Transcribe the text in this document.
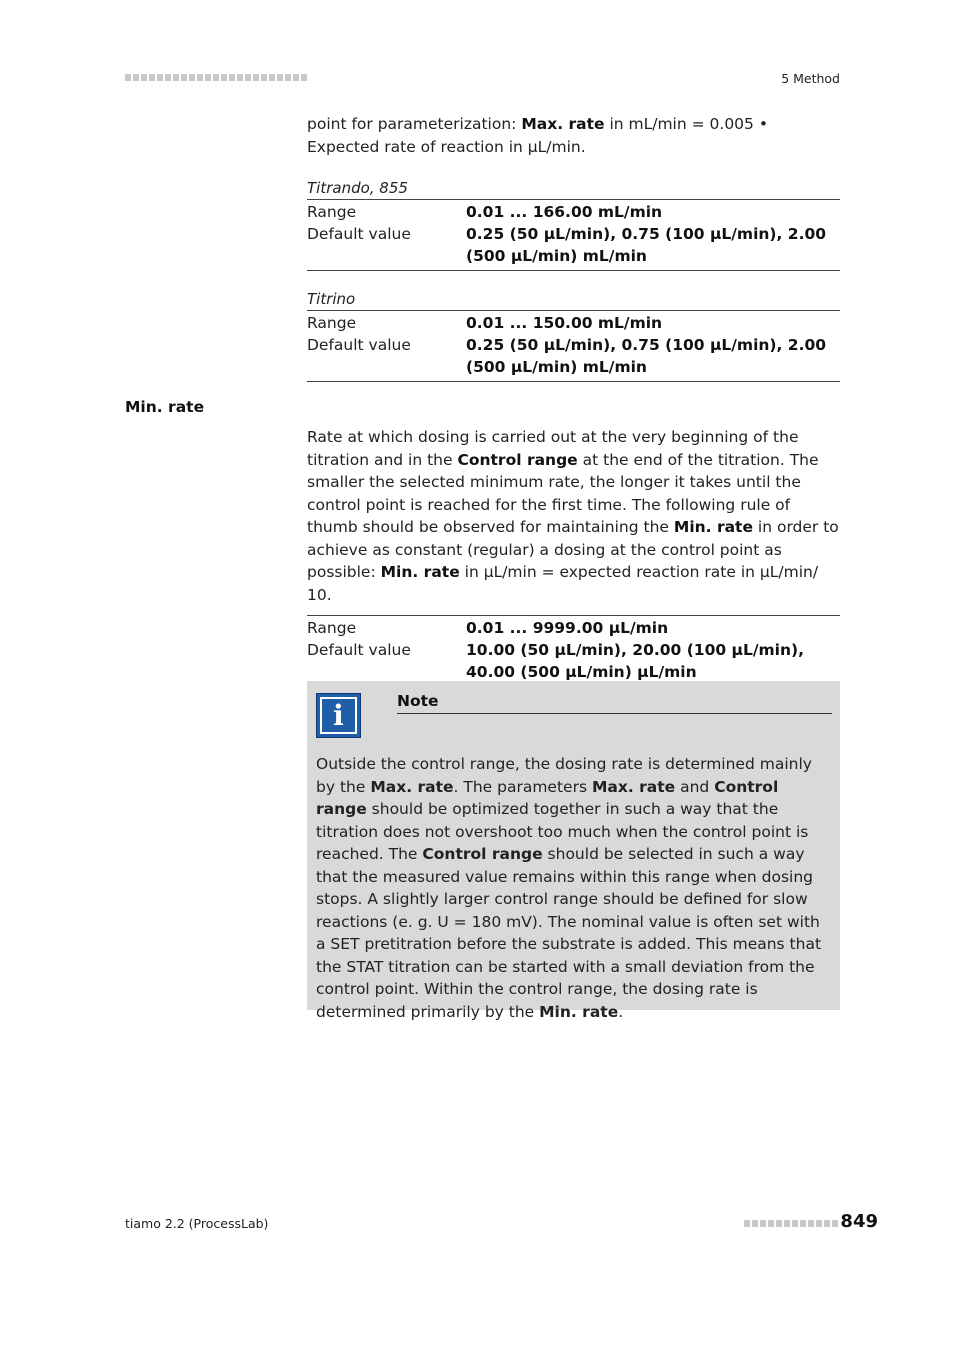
5 Method

point for parameterization: Max. rate in mL/min = 0.005 • Expected rate of reaction in µL/min.

Titrando, 855
Range	0.01 ... 166.00 mL/min
Default value	0.25 (50 µL/min), 0.75 (100 µL/min), 2.00 (500 µL/min) mL/min
Titrino
Range	0.01 ... 150.00 mL/min
Default value	0.25 (50 µL/min), 0.75 (100 µL/min), 2.00 (500 µL/min) mL/min
Min. rate

Rate at which dosing is carried out at the very beginning of the titration and in the Control range at the end of the titration. The smaller the selected minimum rate, the longer it takes until the control point is reached for the first time. The following rule of thumb should be observed for maintaining the Min. rate in order to achieve as constant (regular) a dosing at the control point as possible: Min. rate in µL/min = expected reaction rate in µL/min/ 10.

Range	0.01 ... 9999.00 µL/min
Default value	10.00 (50 µL/min), 20.00 (100 µL/min), 40.00 (500 µL/min) µL/min
i	Note

Outside the control range, the dosing rate is determined mainly by the Max. rate. The parameters Max. rate and Control range should be optimized together in such a way that the titration does not overshoot too much when the control point is reached. The Control range should be selected in such a way that the measured value remains within this range when dosing stops. A slightly larger control range should be defined for slow reactions (e. g. U = 180 mV). The nominal value is often set with a SET pretitration before the substrate is added. This means that the STAT titration can be started with a small deviation from the control point. Within the control range, the dosing rate is determined primarily by the Min. rate.

tiamo 2.2 (ProcessLab)	849
